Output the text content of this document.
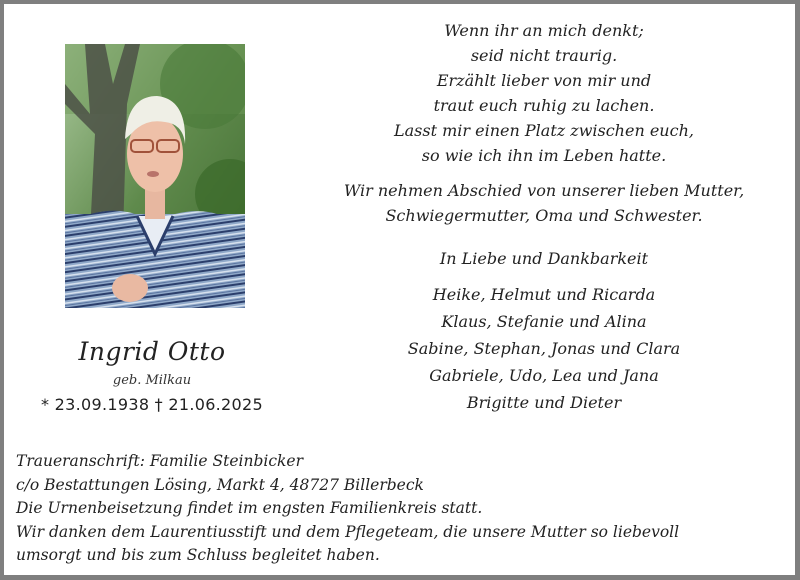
Ingrid Otto
geb. Milkau
* 23.09.1938 † 21.06.2025
Wenn ihr an mich denkt;
seid nicht traurig.
Erzählt lieber von mir und
traut euch ruhig zu lachen.
Lasst mir einen Platz zwischen euch,
so wie ich ihn im Leben hatte.
Wir nehmen Abschied von unserer lieben Mutter,
Schwiegermutter, Oma und Schwester.
In Liebe und Dankbarkeit
Heike, Helmut und Ricarda
Klaus, Stefanie und Alina
Sabine, Stephan, Jonas und Clara
Gabriele, Udo, Lea und Jana
Brigitte und Dieter
Traueranschrift: Familie Steinbicker
c/o Bestattungen Lösing, Markt 4, 48727 Billerbeck
Die Urnenbeisetzung findet im engsten Familienkreis statt.
Wir danken dem Laurentiusstift und dem Pflegeteam, die unsere Mutter so liebevoll
umsorgt und bis zum Schluss begleitet haben.
